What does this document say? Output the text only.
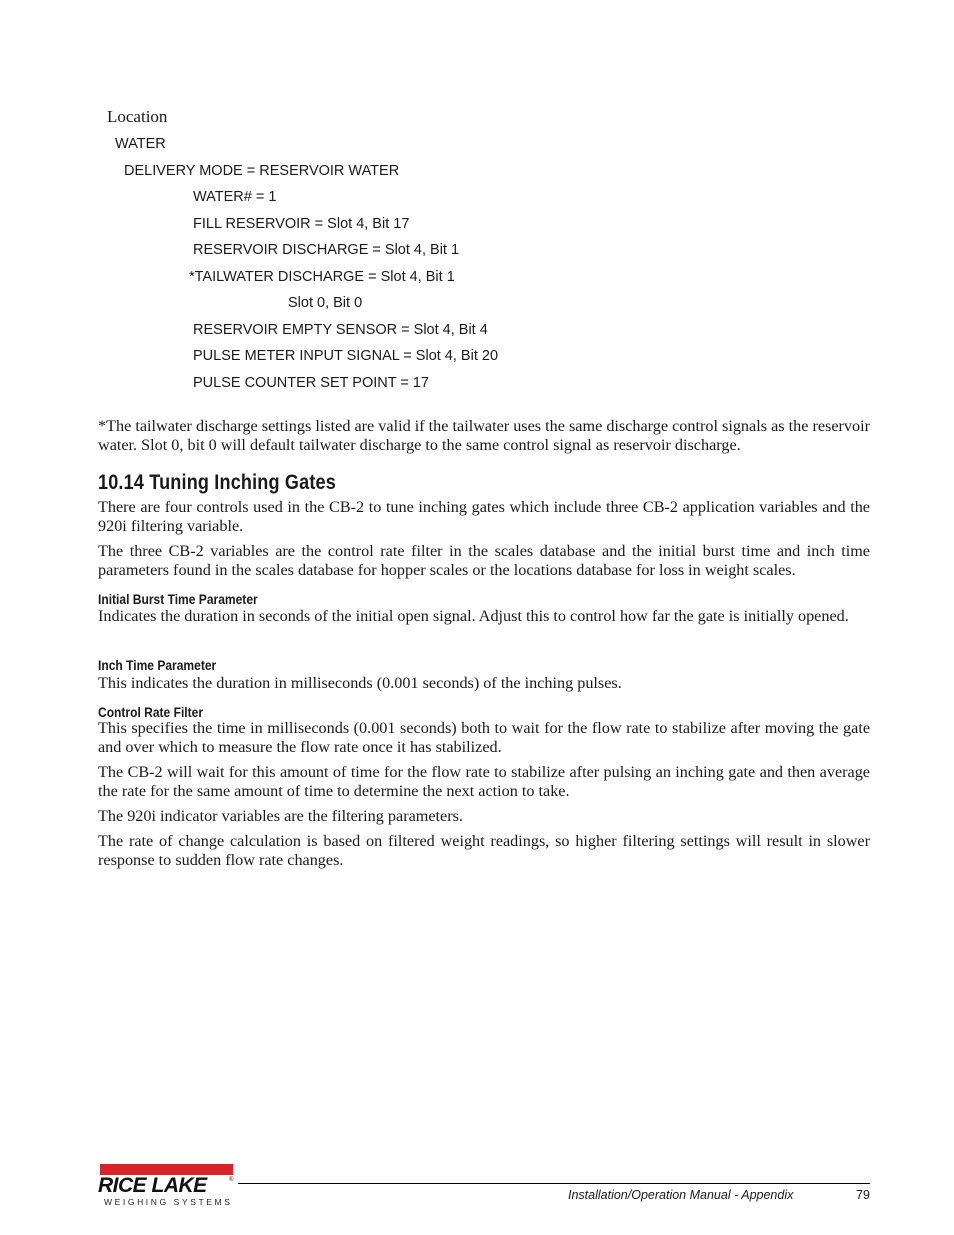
Location
WATER
DELIVERY MODE = RESERVOIR WATER
WATER# = 1
FILL RESERVOIR = Slot 4, Bit 17
RESERVOIR DISCHARGE = Slot 4, Bit 1
*TAILWATER DISCHARGE = Slot 4, Bit 1
Slot 0, Bit 0
RESERVOIR EMPTY SENSOR = Slot 4, Bit 4
PULSE METER INPUT SIGNAL = Slot 4, Bit 20
PULSE COUNTER SET POINT = 17
*The tailwater discharge settings listed are valid if the tailwater uses the same discharge control signals as the reservoir water. Slot 0, bit 0 will default tailwater discharge to the same control signal as reservoir discharge.
10.14 Tuning Inching Gates
There are four controls used in the CB-2 to tune inching gates which include three CB-2 application variables and the 920i filtering variable.
The three CB-2 variables are the control rate filter in the scales database and the initial burst time and inch time parameters found in the scales database for hopper scales or the locations database for loss in weight scales.
Initial Burst Time Parameter
Indicates the duration in seconds of the initial open signal. Adjust this to control how far the gate is initially opened.
Inch Time Parameter
This indicates the duration in milliseconds (0.001 seconds) of the inching pulses.
Control Rate Filter
This specifies the time in milliseconds (0.001 seconds) both to wait for the flow rate to stabilize after moving the gate and over which to measure the flow rate once it has stabilized.
The CB-2 will wait for this amount of time for the flow rate to stabilize after pulsing an inching gate and then average the rate for the same amount of time to determine the next action to take.
The 920i indicator variables are the filtering parameters.
The rate of change calculation is based on filtered weight readings, so higher filtering settings will result in slower response to sudden flow rate changes.
RICE LAKE	®
WEIGHING SYSTEMS	Installation/Operation Manual - Appendix	79
